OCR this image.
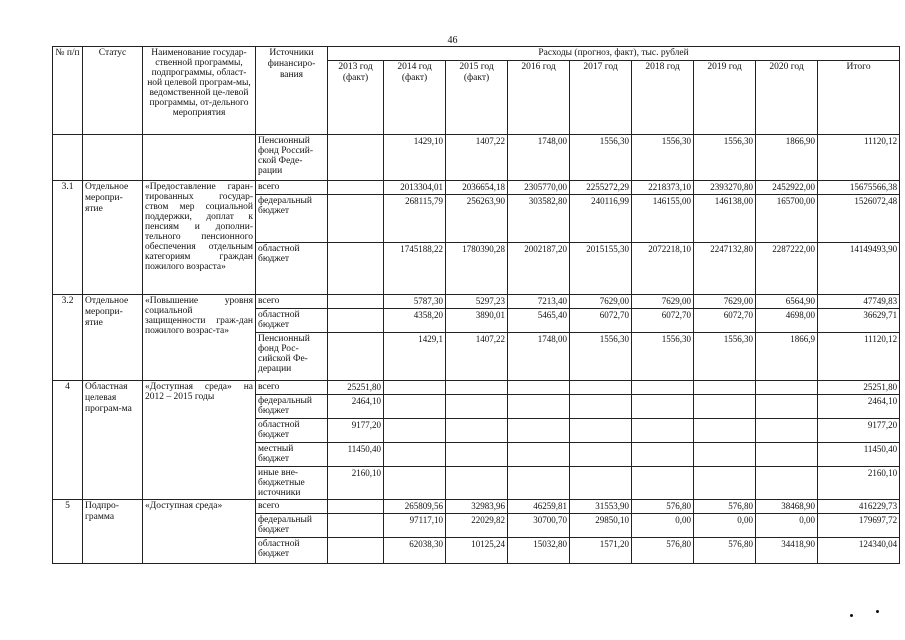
46
№ п/п	Статус	Наименование государ-ственной программы, подпрограммы, област-ной целевой програм-мы, ведомственной це-левой программы, от-дельного мероприятия	Источники финансиро-вания	Расходы (прогноз, факт), тыс. рублей								
				2013 год (факт)	2014 год (факт)	2015 год (факт)	2016 год	2017 год	2018 год	2019 год	2020 год	Итого
			Пенсионный фонд Россий-ской Феде-рации		1429,10	1407,22	1748,00	1556,30	1556,30	1556,30	1866,90	11120,12
3.1	Отдельное меропри-ятие	«Предоставление гаран-тированных государ-ством мер социальной поддержки, доплат к пенсиям и дополни-тельного пенсионного обеспечения отдельным категориям граждан пожилого возраста»	всего		2013304,01	2036654,18	2305770,00	2255272,29	2218373,10	2393270,80	2452922,00	15675566,38
			федеральный бюджет		268115,79	256263,90	303582,80	240116,99	146155,00	146138,00	165700,00	1526072,48
			областной бюджет		1745188,22	1780390,28	2002187,20	2015155,30	2072218,10	2247132,80	2287222,00	14149493,90
3.2	Отдельное меропри-ятие	«Повышение уровня социальной защищенности граж-дан пожилого возрас-та»	всего		5787,30	5297,23	7213,40	7629,00	7629,00	7629,00	6564,90	47749,83
			областной бюджет		4358,20	3890,01	5465,40	6072,70	6072,70	6072,70	4698,00	36629,71
			Пенсионный фонд Рос-сийской Фе-дерации		1429,1	1407,22	1748,00	1556,30	1556,30	1556,30	1866,9	11120,12
4	Областная целевая програм-ма	«Доступная среда» на 2012 – 2015 годы	всего	25251,80								25251,80
			федеральный бюджет	2464,10								2464,10
			областной бюджет	9177,20								9177,20
			местный бюджет	11450,40								11450,40
			иные вне-бюджетные источники	2160,10								2160,10
5	Подпро-грамма	«Доступная среда»	всего		265809,56	32983,96	46259,81	31553,90	576,80	576,80	38468,90	416229,73
			федеральный бюджет		97117,10	22029,82	30700,70	29850,10	0,00	0,00	0,00	179697,72
			областной бюджет		62038,30	10125,24	15032,80	1571,20	576,80	576,80	34418,90	124340,04
